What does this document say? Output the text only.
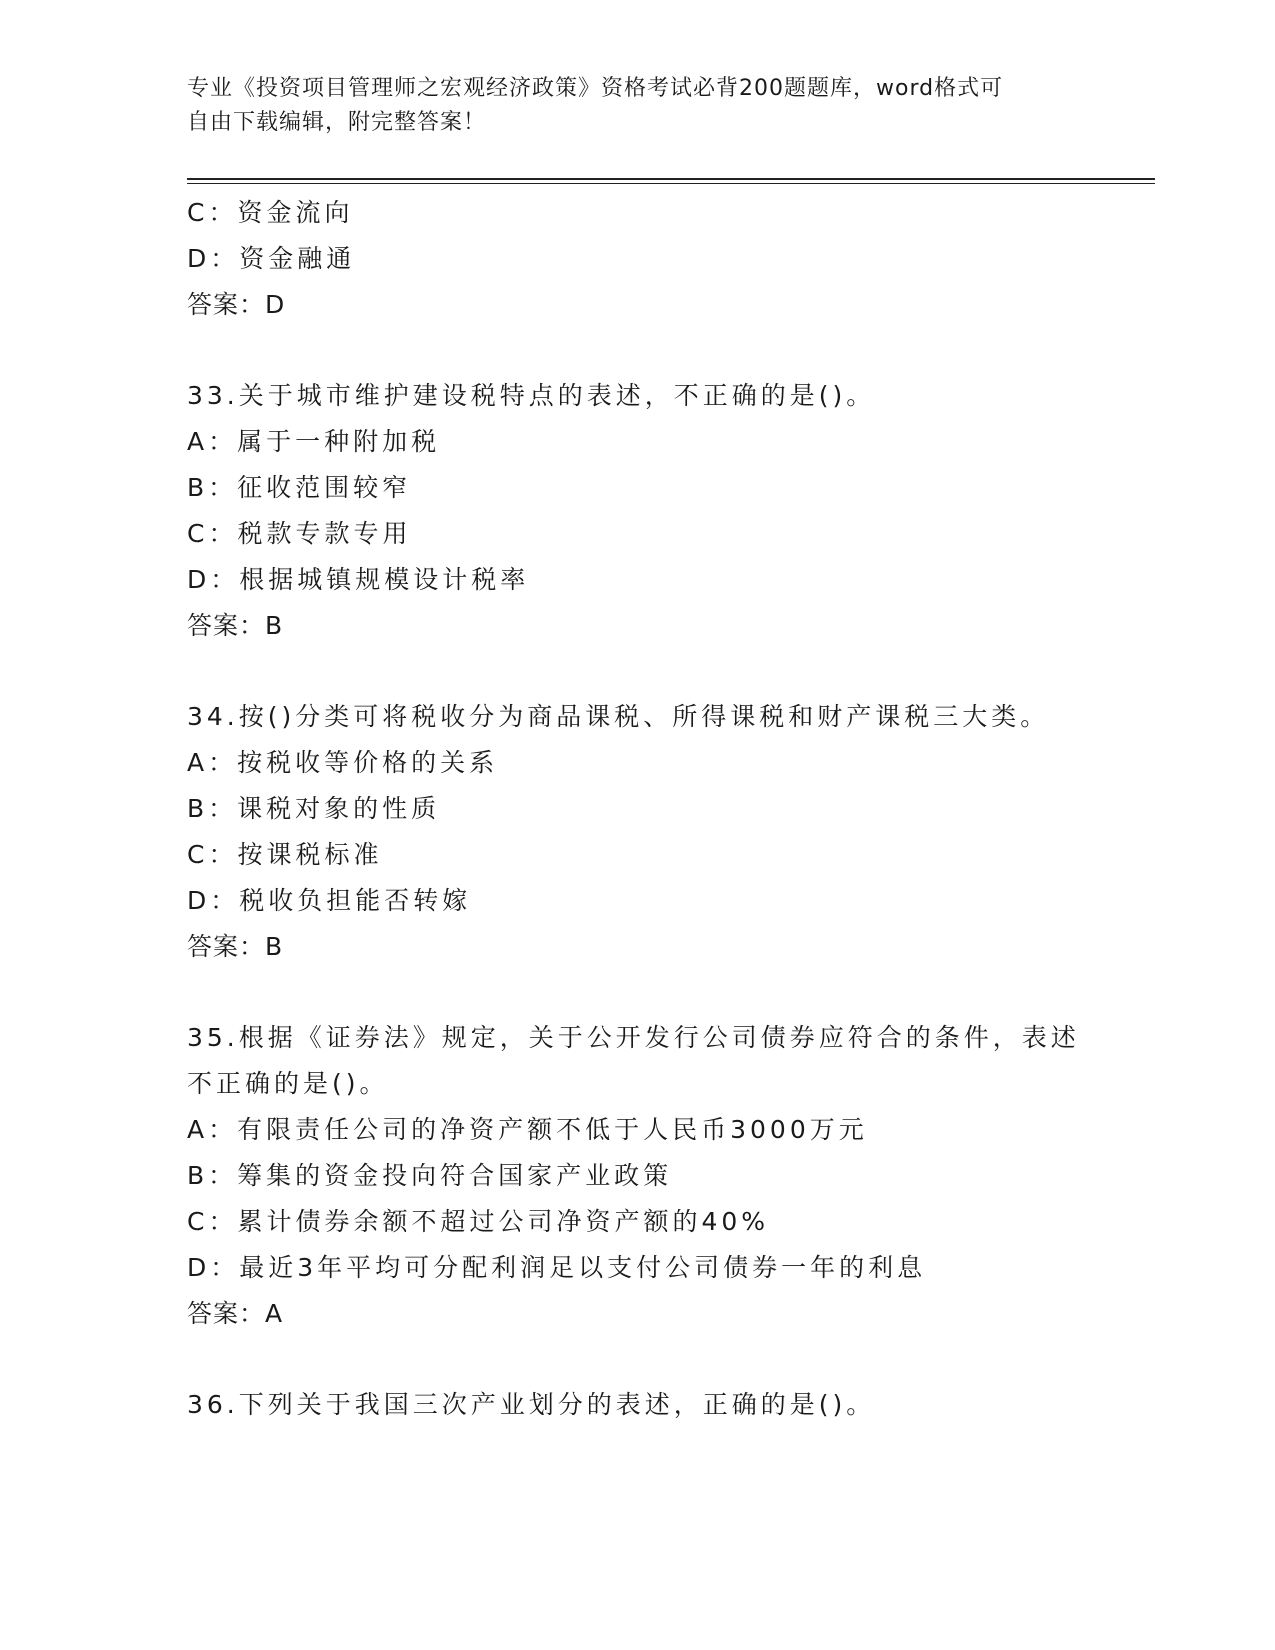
专业《投资项目管理师之宏观经济政策》资格考试必背200题题库，word格式可
自由下载编辑，附完整答案！
C：资金流向
D：资金融通
答案：D
33.关于城市维护建设税特点的表述，不正确的是()。
A：属于一种附加税
B：征收范围较窄
C：税款专款专用
D：根据城镇规模设计税率
答案：B
34.按()分类可将税收分为商品课税、所得课税和财产课税三大类。
A：按税收等价格的关系
B：课税对象的性质
C：按课税标准
D：税收负担能否转嫁
答案：B
35.根据《证券法》规定，关于公开发行公司债券应符合的条件，表述不正确的是()。
A：有限责任公司的净资产额不低于人民币3000万元
B：筹集的资金投向符合国家产业政策
C：累计债券余额不超过公司净资产额的40%
D：最近3年平均可分配利润足以支付公司债券一年的利息
答案：A
36.下列关于我国三次产业划分的表述，正确的是()。
